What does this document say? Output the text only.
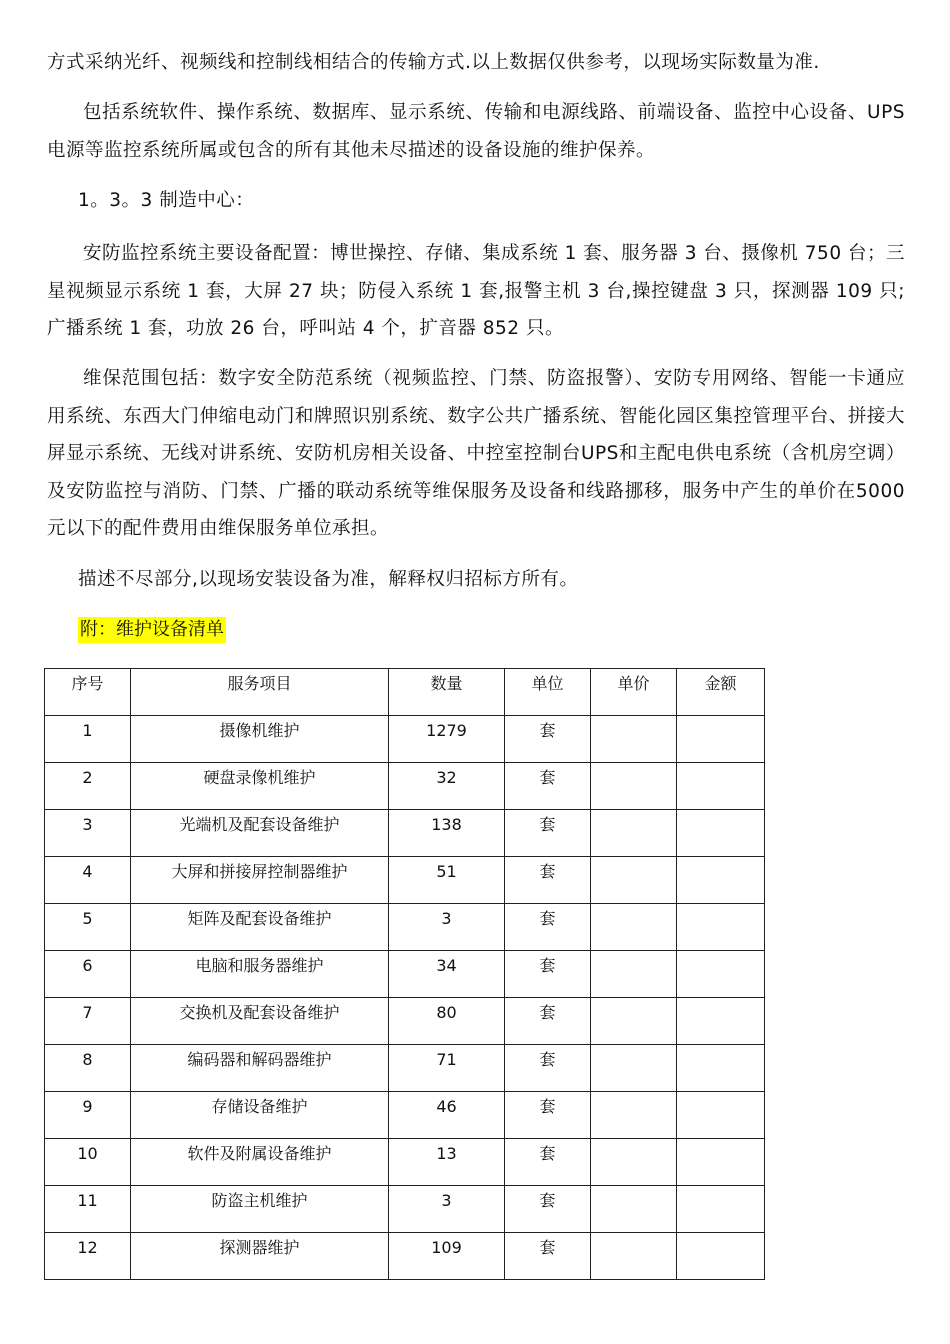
方式采纳光纤、视频线和控制线相结合的传输方式.以上数据仅供参考，以现场实际数量为准.

包括系统软件、操作系统、数据库、显示系统、传输和电源线路、前端设备、监控中心设备、UPS电源等监控系统所属或包含的所有其他未尽描述的设备设施的维护保养。

1。3。3 制造中心：

安防监控系统主要设备配置：博世操控、存储、集成系统 1 套、服务器 3 台、摄像机 750 台；三星视频显示系统 1 套，大屏 27 块；防侵入系统 1 套,报警主机 3 台,操控键盘 3 只，探测器 109 只;广播系统 1 套，功放 26 台，呼叫站 4 个，扩音器 852 只。

维保范围包括：数字安全防范系统（视频监控、门禁、防盗报警）、安防专用网络、智能一卡通应用系统、东西大门伸缩电动门和牌照识别系统、数字公共广播系统、智能化园区集控管理平台、拼接大屏显示系统、无线对讲系统、安防机房相关设备、中控室控制台UPS和主配电供电系统（含机房空调）及安防监控与消防、门禁、广播的联动系统等维保服务及设备和线路挪移，服务中产生的单价在5000元以下的配件费用由维保服务单位承担。

描述不尽部分,以现场安装设备为准，解释权归招标方所有。

附：维护设备清单

序号	服务项目	数量	单位	单价	金额
1	摄像机维护	1279	套		
2	硬盘录像机维护	32	套		
3	光端机及配套设备维护	138	套		
4	大屏和拼接屏控制器维护	51	套		
5	矩阵及配套设备维护	3	套		
6	电脑和服务器维护	34	套		
7	交换机及配套设备维护	80	套		
8	编码器和解码器维护	71	套		
9	存储设备维护	46	套		
10	软件及附属设备维护	13	套		
11	防盗主机维护	3	套		
12	探测器维护	109	套		
